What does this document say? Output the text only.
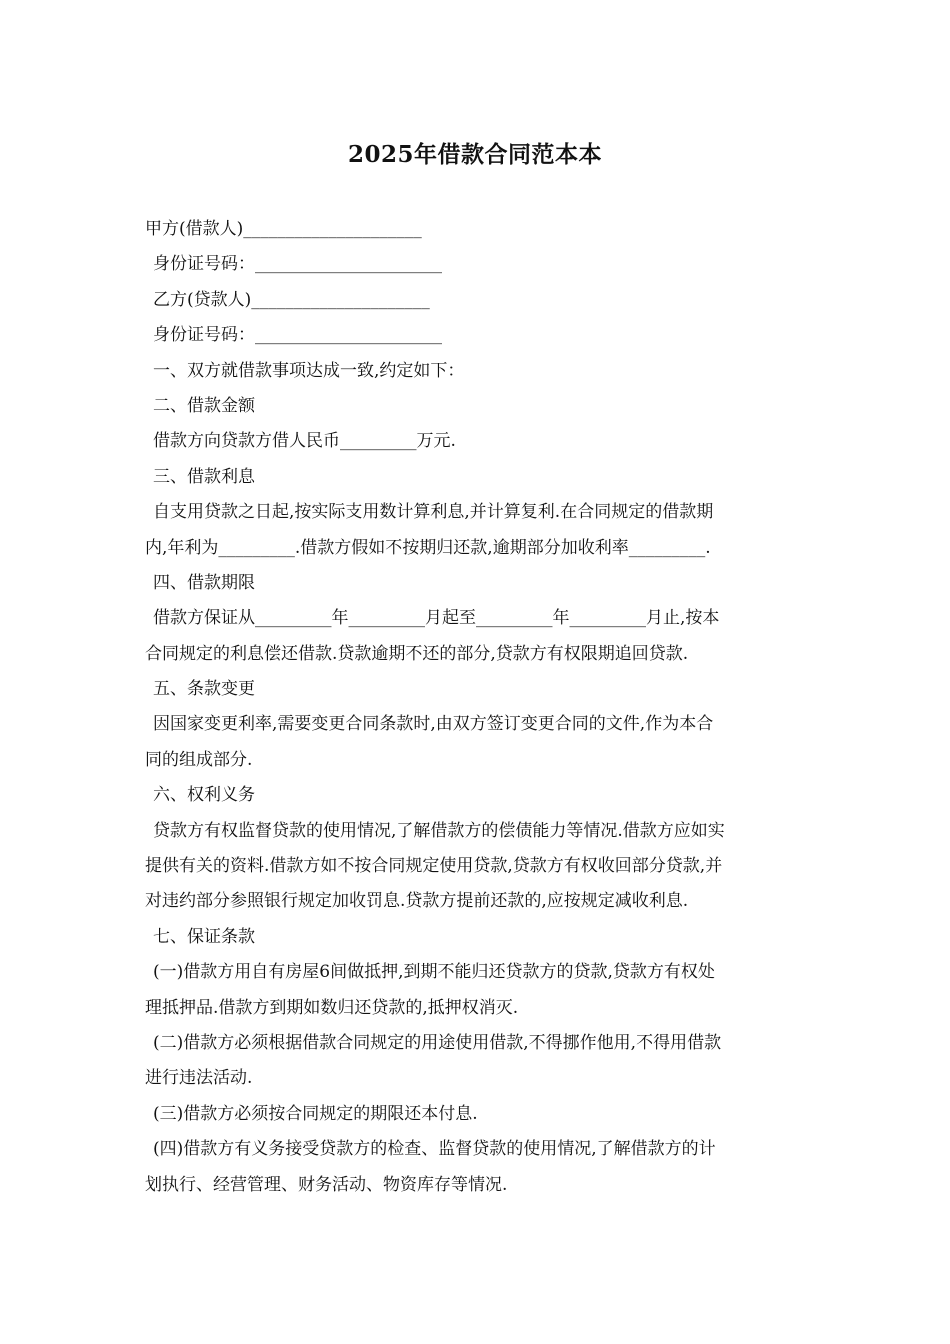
2025年借款合同范本本
甲方(借款人)_____________________
身份证号码：______________________
乙方(贷款人)_____________________
身份证号码：______________________
一、双方就借款事项达成一致,约定如下：
二、借款金额
借款方向贷款方借人民币_________万元.
三、借款利息
自支用贷款之日起,按实际支用数计算利息,并计算复利.在合同规定的借款期
内,年利为_________.借款方假如不按期归还款,逾期部分加收利率_________.
四、借款期限
借款方保证从_________年_________月起至_________年_________月止,按本
合同规定的利息偿还借款.贷款逾期不还的部分,贷款方有权限期追回贷款.
五、条款变更
因国家变更利率,需要变更合同条款时,由双方签订变更合同的文件,作为本合
同的组成部分.
六、权利义务
贷款方有权监督贷款的使用情况,了解借款方的偿债能力等情况.借款方应如实
提供有关的资料.借款方如不按合同规定使用贷款,贷款方有权收回部分贷款,并
对违约部分参照银行规定加收罚息.贷款方提前还款的,应按规定减收利息.
七、保证条款
(一)借款方用自有房屋6间做抵押,到期不能归还贷款方的贷款,贷款方有权处
理抵押品.借款方到期如数归还贷款的,抵押权消灭.
(二)借款方必须根据借款合同规定的用途使用借款,不得挪作他用,不得用借款
进行违法活动.
(三)借款方必须按合同规定的期限还本付息.
(四)借款方有义务接受贷款方的检查、监督贷款的使用情况,了解借款方的计
划执行、经营管理、财务活动、物资库存等情况.
